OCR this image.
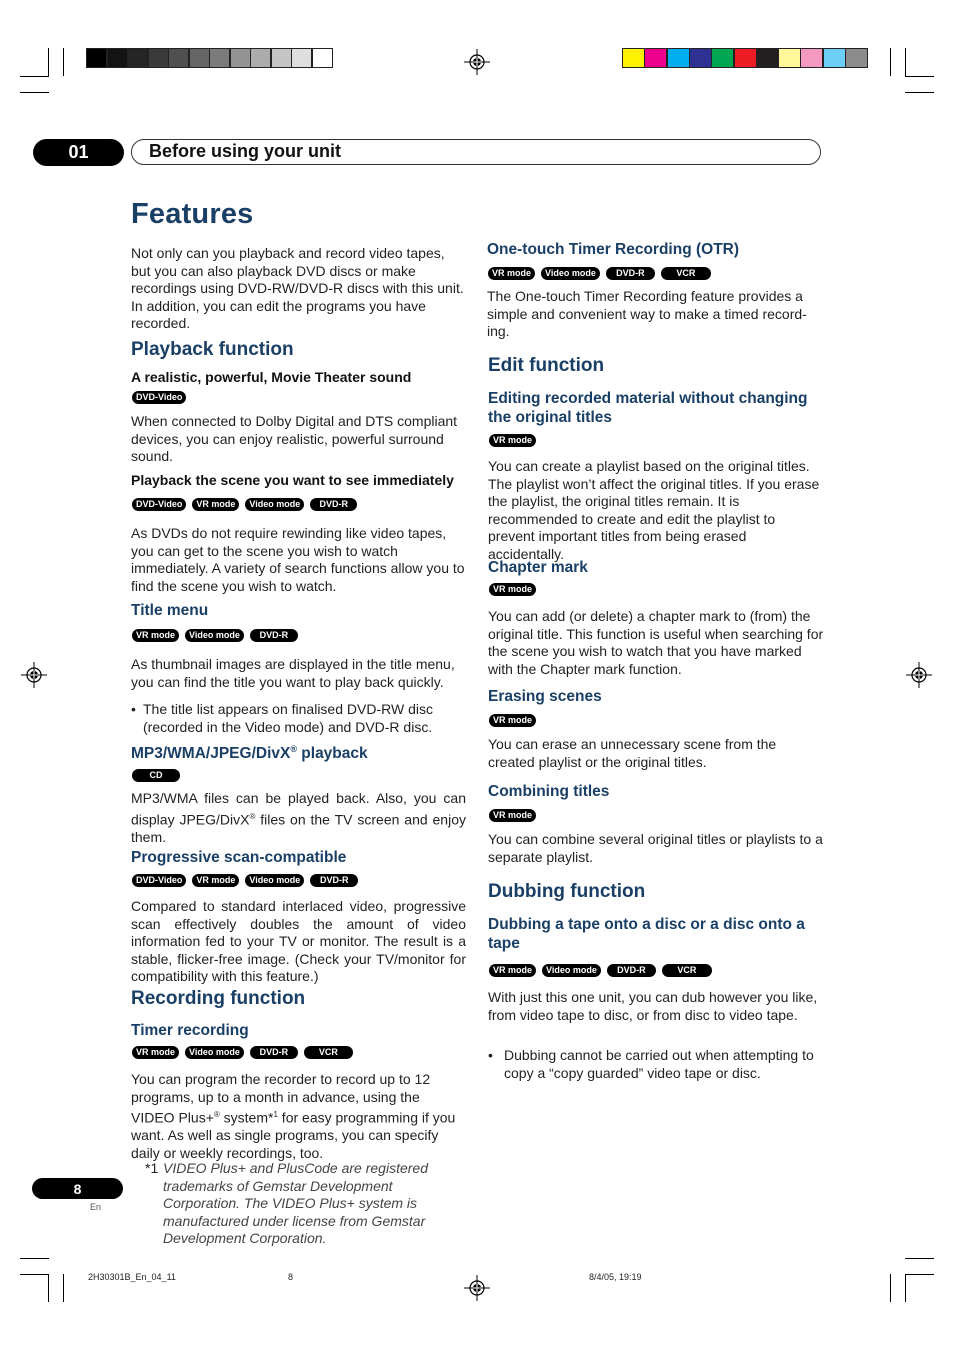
01	Before using your unit
Features

Not only can you playback and record video tapes, but you can also playback DVD discs or make recordings using DVD-RW/DVD-R discs with this unit. In addition, you can edit the programs you have recorded.

Playback function
A realistic, powerful, Movie Theater sound
DVD-Video

When connected to Dolby Digital and DTS compliant devices, you can enjoy realistic, powerful surround sound.

Playback the scene you want to see immediately
DVD-Video	VR mode	Video mode	DVD-R

As DVDs do not require rewinding like video tapes, you can get to the scene you wish to watch immediately. A variety of search functions allow you to find the scene you wish to watch.

Title menu
VR mode	Video mode	DVD-R

As thumbnail images are displayed in the title menu, you can find the title you want to play back quickly.

• The title list appears on finalised DVD-RW disc (recorded in the Video mode) and DVD-R disc.
MP3/WMA/JPEG/DivX® playback
CD

MP3/WMA files can be played back. Also, you can display JPEG/DivX® files on the TV screen and enjoy them.

Progressive scan-compatible
DVD-Video	VR mode	Video mode	DVD-R

Compared to standard interlaced video, progressive scan effectively doubles the amount of video information fed to your TV or monitor. The result is a stable, flicker-free image. (Check your TV/monitor for compatibility with this feature.)

Recording function
Timer recording
VR mode	Video mode	DVD-R	VCR

You can program the recorder to record up to 12 programs, up to a month in advance, using the VIDEO Plus+® system*$^1$ for easy programming if you want. As well as single programs, you can specify daily or weekly recordings, too.

*1 VIDEO Plus+ and PlusCode are registered trademarks of Gemstar Development Corporation. The VIDEO Plus+ system is manufactured under license from Gemstar Development Corporation.
One-touch Timer Recording (OTR)
VR mode	Video mode	DVD-R	VCR

The One-touch Timer Recording feature provides a simple and convenient way to make a timed record-ing.

Edit function
Editing recorded material without changing the original titles
VR mode

You can create a playlist based on the original titles. The playlist won’t affect the original titles. If you erase the playlist, the original titles remain. It is recommended to create and edit the playlist to prevent important titles from being erased accidentally.

Chapter mark
VR mode

You can add (or delete) a chapter mark to (from) the original title. This function is useful when searching for the scene you wish to watch that you have marked with the Chapter mark function.

Erasing scenes
VR mode

You can erase an unnecessary scene from the created playlist or the original titles.

Combining titles
VR mode

You can combine several original titles or playlists to a separate playlist.

Dubbing function
Dubbing a tape onto a disc or a disc onto a tape
VR mode	Video mode	DVD-R	VCR

With just this one unit, you can dub however you like, from video tape to disc, or from disc to video tape.

• Dubbing cannot be carried out when attempting to copy a “copy guarded” video tape or disc.
8
En
2H30301B_En_04_11	8	8/4/05, 19:19
